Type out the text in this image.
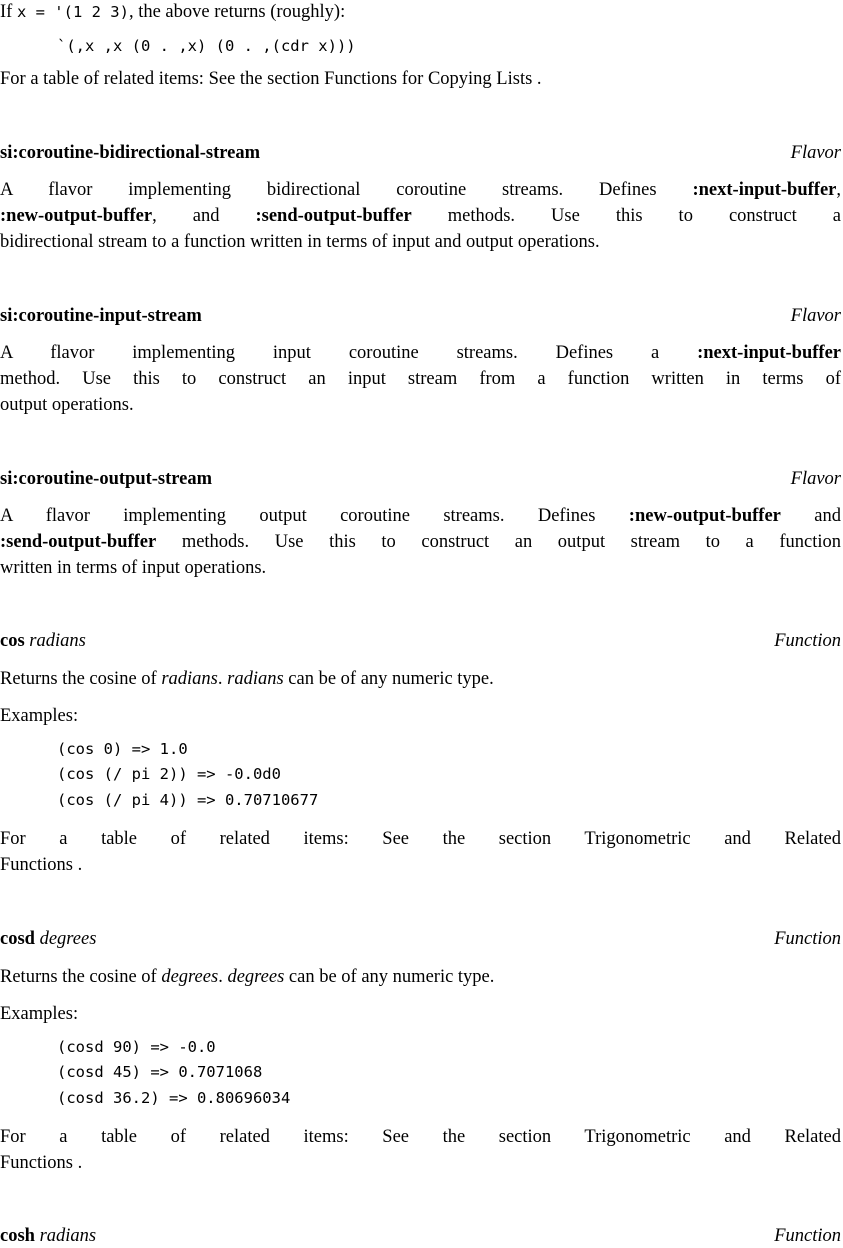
If x = '(1 2 3), the above returns (roughly):
`(,x ,x (0 . ,x) (0 . ,(cdr x)))
For a table of related items: See the section Functions for Copying Lists .
si:coroutine-bidirectional-stream	Flavor
A flavor implementing bidirectional coroutine streams. Defines :next-input-buffer,
:new-output-buffer, and :send-output-buffer methods. Use this to construct a
bidirectional stream to a function written in terms of input and output operations.
si:coroutine-input-stream	Flavor
A flavor implementing input coroutine streams. Defines a :next-input-buffer
method. Use this to construct an input stream from a function written in terms of
output operations.
si:coroutine-output-stream	Flavor
A flavor implementing output coroutine streams. Defines :new-output-buffer and
:send-output-buffer methods. Use this to construct an output stream to a function
written in terms of input operations.
cos radians	Function
Returns the cosine of radians. radians can be of any numeric type.
Examples:
(cos 0) => 1.0
(cos (/ pi 2)) => -0.0d0
(cos (/ pi 4)) => 0.70710677
For a table of related items: See the section Trigonometric and Related
Functions .
cosd degrees	Function
Returns the cosine of degrees. degrees can be of any numeric type.
Examples:
(cosd 90) => -0.0
(cosd 45) => 0.7071068
(cosd 36.2) => 0.80696034
For a table of related items: See the section Trigonometric and Related
Functions .
cosh radians	Function
